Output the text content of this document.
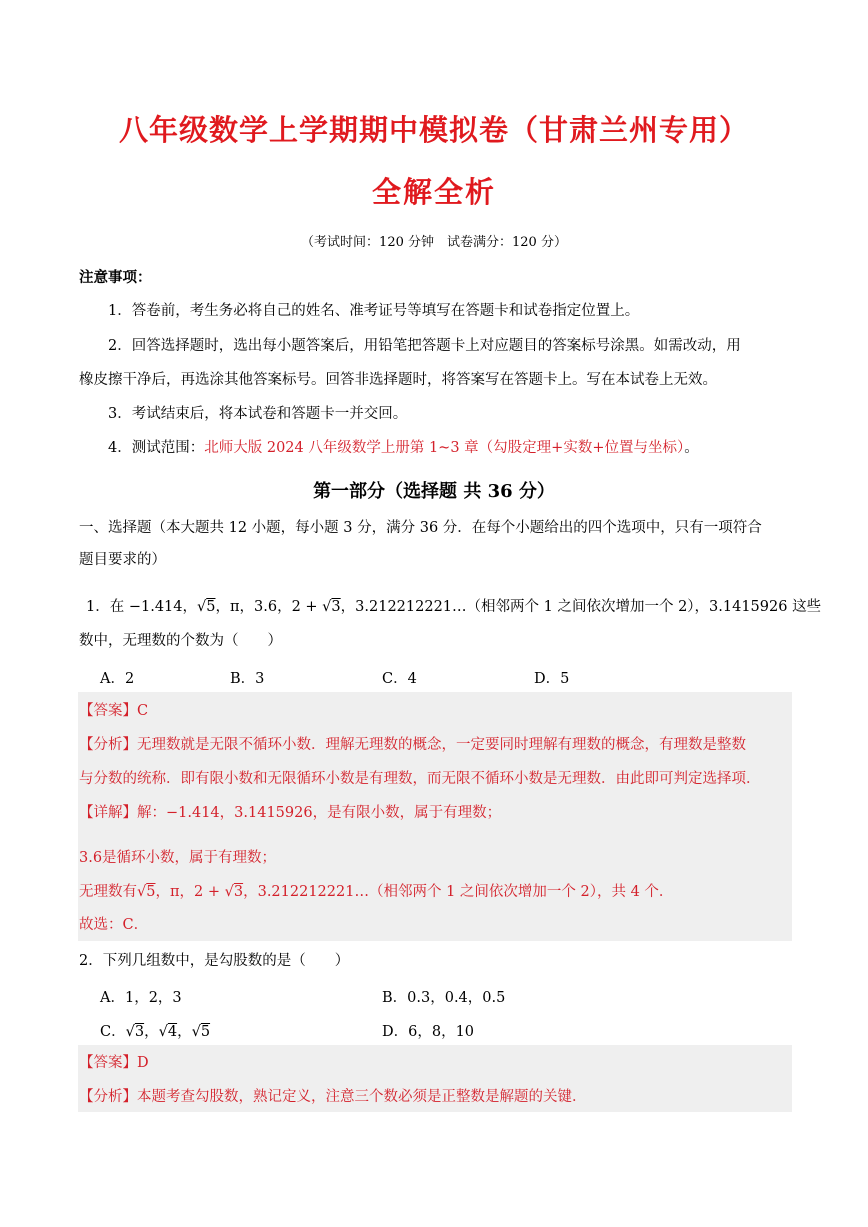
八年级数学上学期期中模拟卷（甘肃兰州专用）
全解全析
（考试时间：120 分钟　试卷满分：120 分）
注意事项：
1．答卷前，考生务必将自己的姓名、准考证号等填写在答题卡和试卷指定位置上。
2．回答选择题时，选出每小题答案后，用铅笔把答题卡上对应题目的答案标号涂黑。如需改动，用
橡皮擦干净后，再选涂其他答案标号。回答非选择题时，将答案写在答题卡上。写在本试卷上无效。
3．考试结束后，将本试卷和答题卡一并交回。
4．测试范围：北师大版 2024 八年级数学上册第 1~3 章（勾股定理+实数+位置与坐标）。
第一部分（选择题 共 36 分）
一、选择题（本大题共 12 小题，每小题 3 分，满分 36 分．在每个小题给出的四个选项中，只有一项符合
题目要求的）
1．在 −1.414，√5，π，3.6，2 + √3，3.212212221…（相邻两个 1 之间依次增加一个 2），3.1415926 这些
数中，无理数的个数为（　　）
A．2	B．3	C．4	D．5
【答案】C
【分析】无理数就是无限不循环小数．理解无理数的概念，一定要同时理解有理数的概念，有理数是整数
与分数的统称．即有限小数和无限循环小数是有理数，而无限不循环小数是无理数．由此即可判定选择项．
【详解】解：−1.414，3.1415926，是有限小数，属于有理数；
3.6是循环小数，属于有理数；
无理数有√5，π，2 + √3，3.212212221…（相邻两个 1 之间依次增加一个 2），共 4 个．
故选：C．
2．下列几组数中，是勾股数的是（　　）
A．1，2，3	B．0.3，0.4，0.5
C．√3，√4，√5	D．6，8，10
【答案】D
【分析】本题考查勾股数，熟记定义，注意三个数必须是正整数是解题的关键．
